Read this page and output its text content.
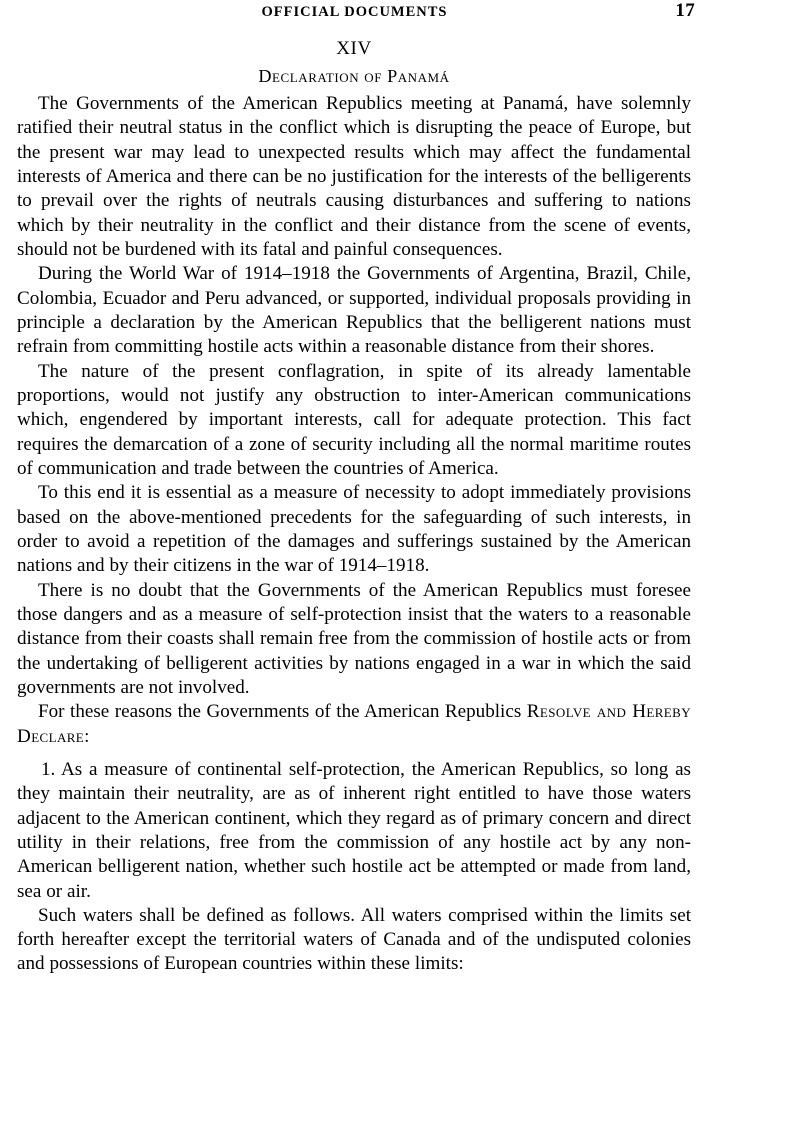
OFFICIAL DOCUMENTS	17
XIV
Declaration of Panamá

The Governments of the American Republics meeting at Panamá, have solemnly ratified their neutral status in the conflict which is disrupting the peace of Europe, but the present war may lead to unexpected results which may affect the fundamental interests of America and there can be no justification for the interests of the belligerents to prevail over the rights of neutrals causing disturbances and suffering to nations which by their neutrality in the conflict and their distance from the scene of events, should not be burdened with its fatal and painful consequences.

During the World War of 1914–1918 the Governments of Argentina, Brazil, Chile, Colombia, Ecuador and Peru advanced, or supported, individual proposals providing in principle a declaration by the American Republics that the belligerent nations must refrain from committing hostile acts within a reasonable distance from their shores.

The nature of the present conflagration, in spite of its already lamentable proportions, would not justify any obstruction to inter-American communications which, engendered by important interests, call for adequate protection. This fact requires the demarcation of a zone of security including all the normal maritime routes of communication and trade between the countries of America.

To this end it is essential as a measure of necessity to adopt immediately provisions based on the above-mentioned precedents for the safeguarding of such interests, in order to avoid a repetition of the damages and sufferings sustained by the American nations and by their citizens in the war of 1914–1918.

There is no doubt that the Governments of the American Republics must foresee those dangers and as a measure of self-protection insist that the waters to a reasonable distance from their coasts shall remain free from the commission of hostile acts or from the undertaking of belligerent activities by nations engaged in a war in which the said governments are not involved.

For these reasons the Governments of the American Republics Resolve and Hereby Declare:

1. As a measure of continental self-protection, the American Republics, so long as they maintain their neutrality, are as of inherent right entitled to have those waters adjacent to the American continent, which they regard as of primary concern and direct utility in their relations, free from the commission of any hostile act by any non-American belligerent nation, whether such hostile act be attempted or made from land, sea or air.

Such waters shall be defined as follows. All waters comprised within the limits set forth hereafter except the territorial waters of Canada and of the undisputed colonies and possessions of European countries within these limits:
